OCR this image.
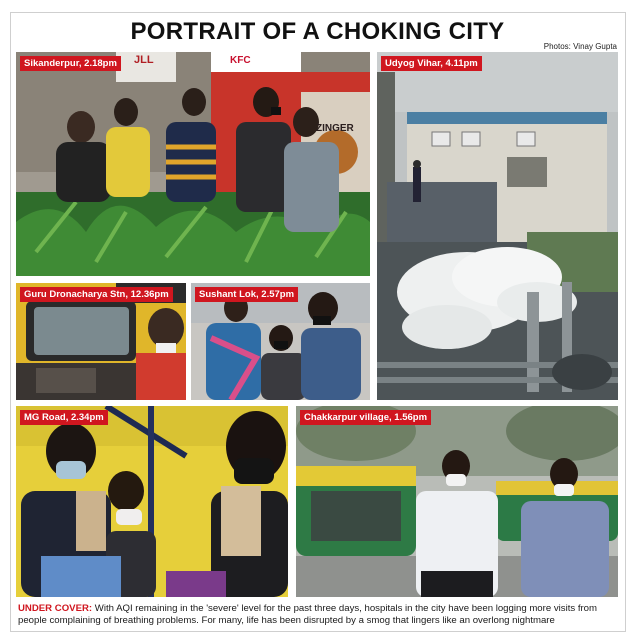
PORTRAIT OF A CHOKING CITY
Photos: Vinay Gupta
Sikanderpur, 2.18pm	JLL	KFC
ZINGER
Udyog Vihar, 4.11pm
Guru Dronacharya Stn, 12.36pm	Sushant Lok, 2.57pm
MG Road, 2.34pm	Chakkarpur village, 1.56pm
UNDER COVER: With AQI remaining in the 'severe' level for the past three days, hospitals in the city have been logging more visits from people complaining of breathing problems. For many, life has been disrupted by a smog that lingers like an overlong nightmare
